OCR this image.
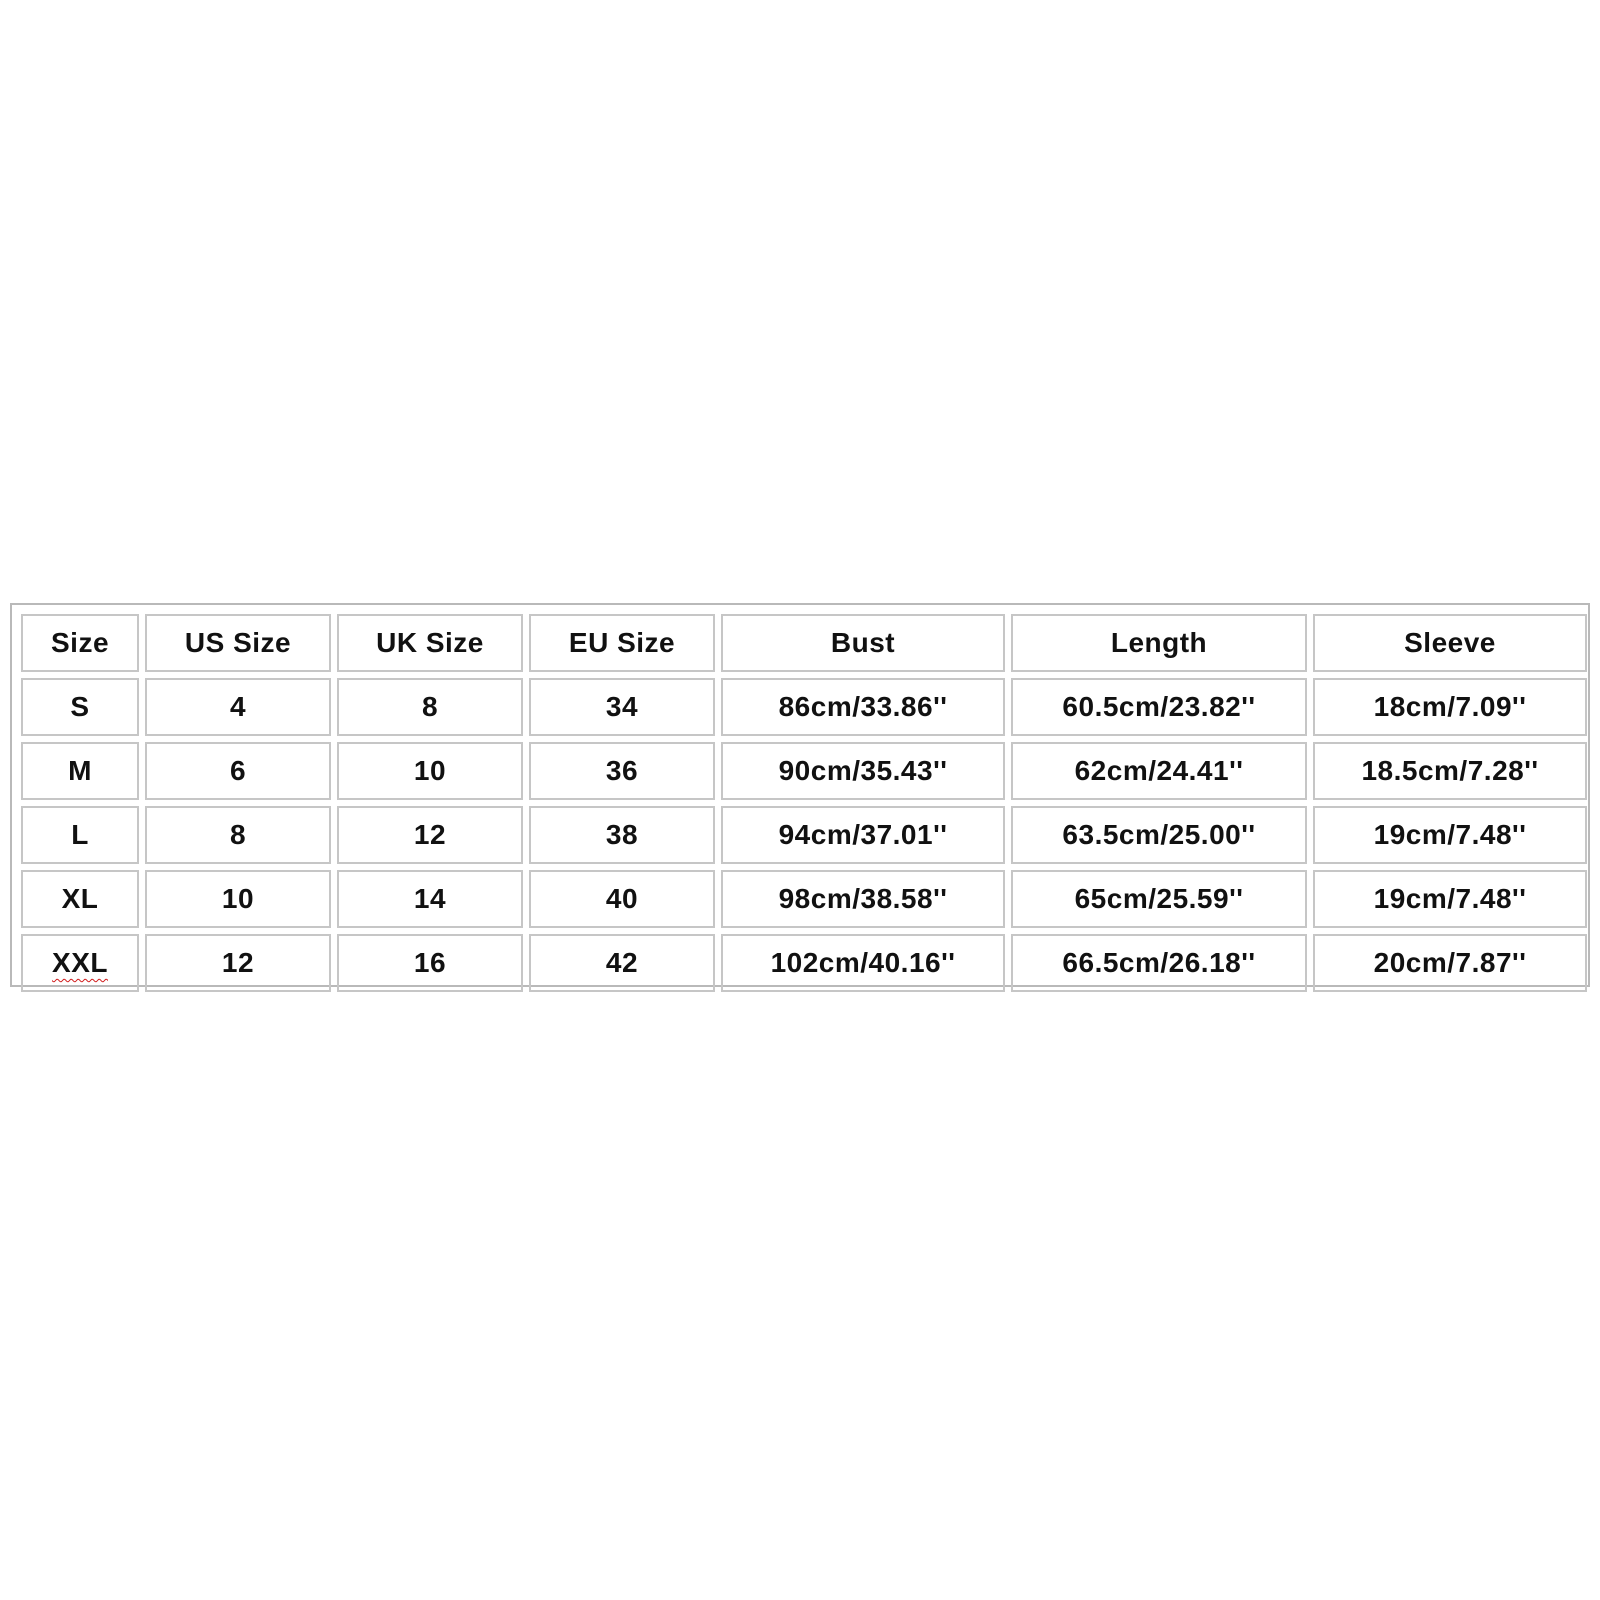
Size	US Size	UK Size	EU Size	Bust	Length	Sleeve
S	4	8	34	86cm/33.86''	60.5cm/23.82''	18cm/7.09''
M	6	10	36	90cm/35.43''	62cm/24.41''	18.5cm/7.28''
L	8	12	38	94cm/37.01''	63.5cm/25.00''	19cm/7.48''
XL	10	14	40	98cm/38.58''	65cm/25.59''	19cm/7.48''
XXL	12	16	42	102cm/40.16''	66.5cm/26.18''	20cm/7.87''
